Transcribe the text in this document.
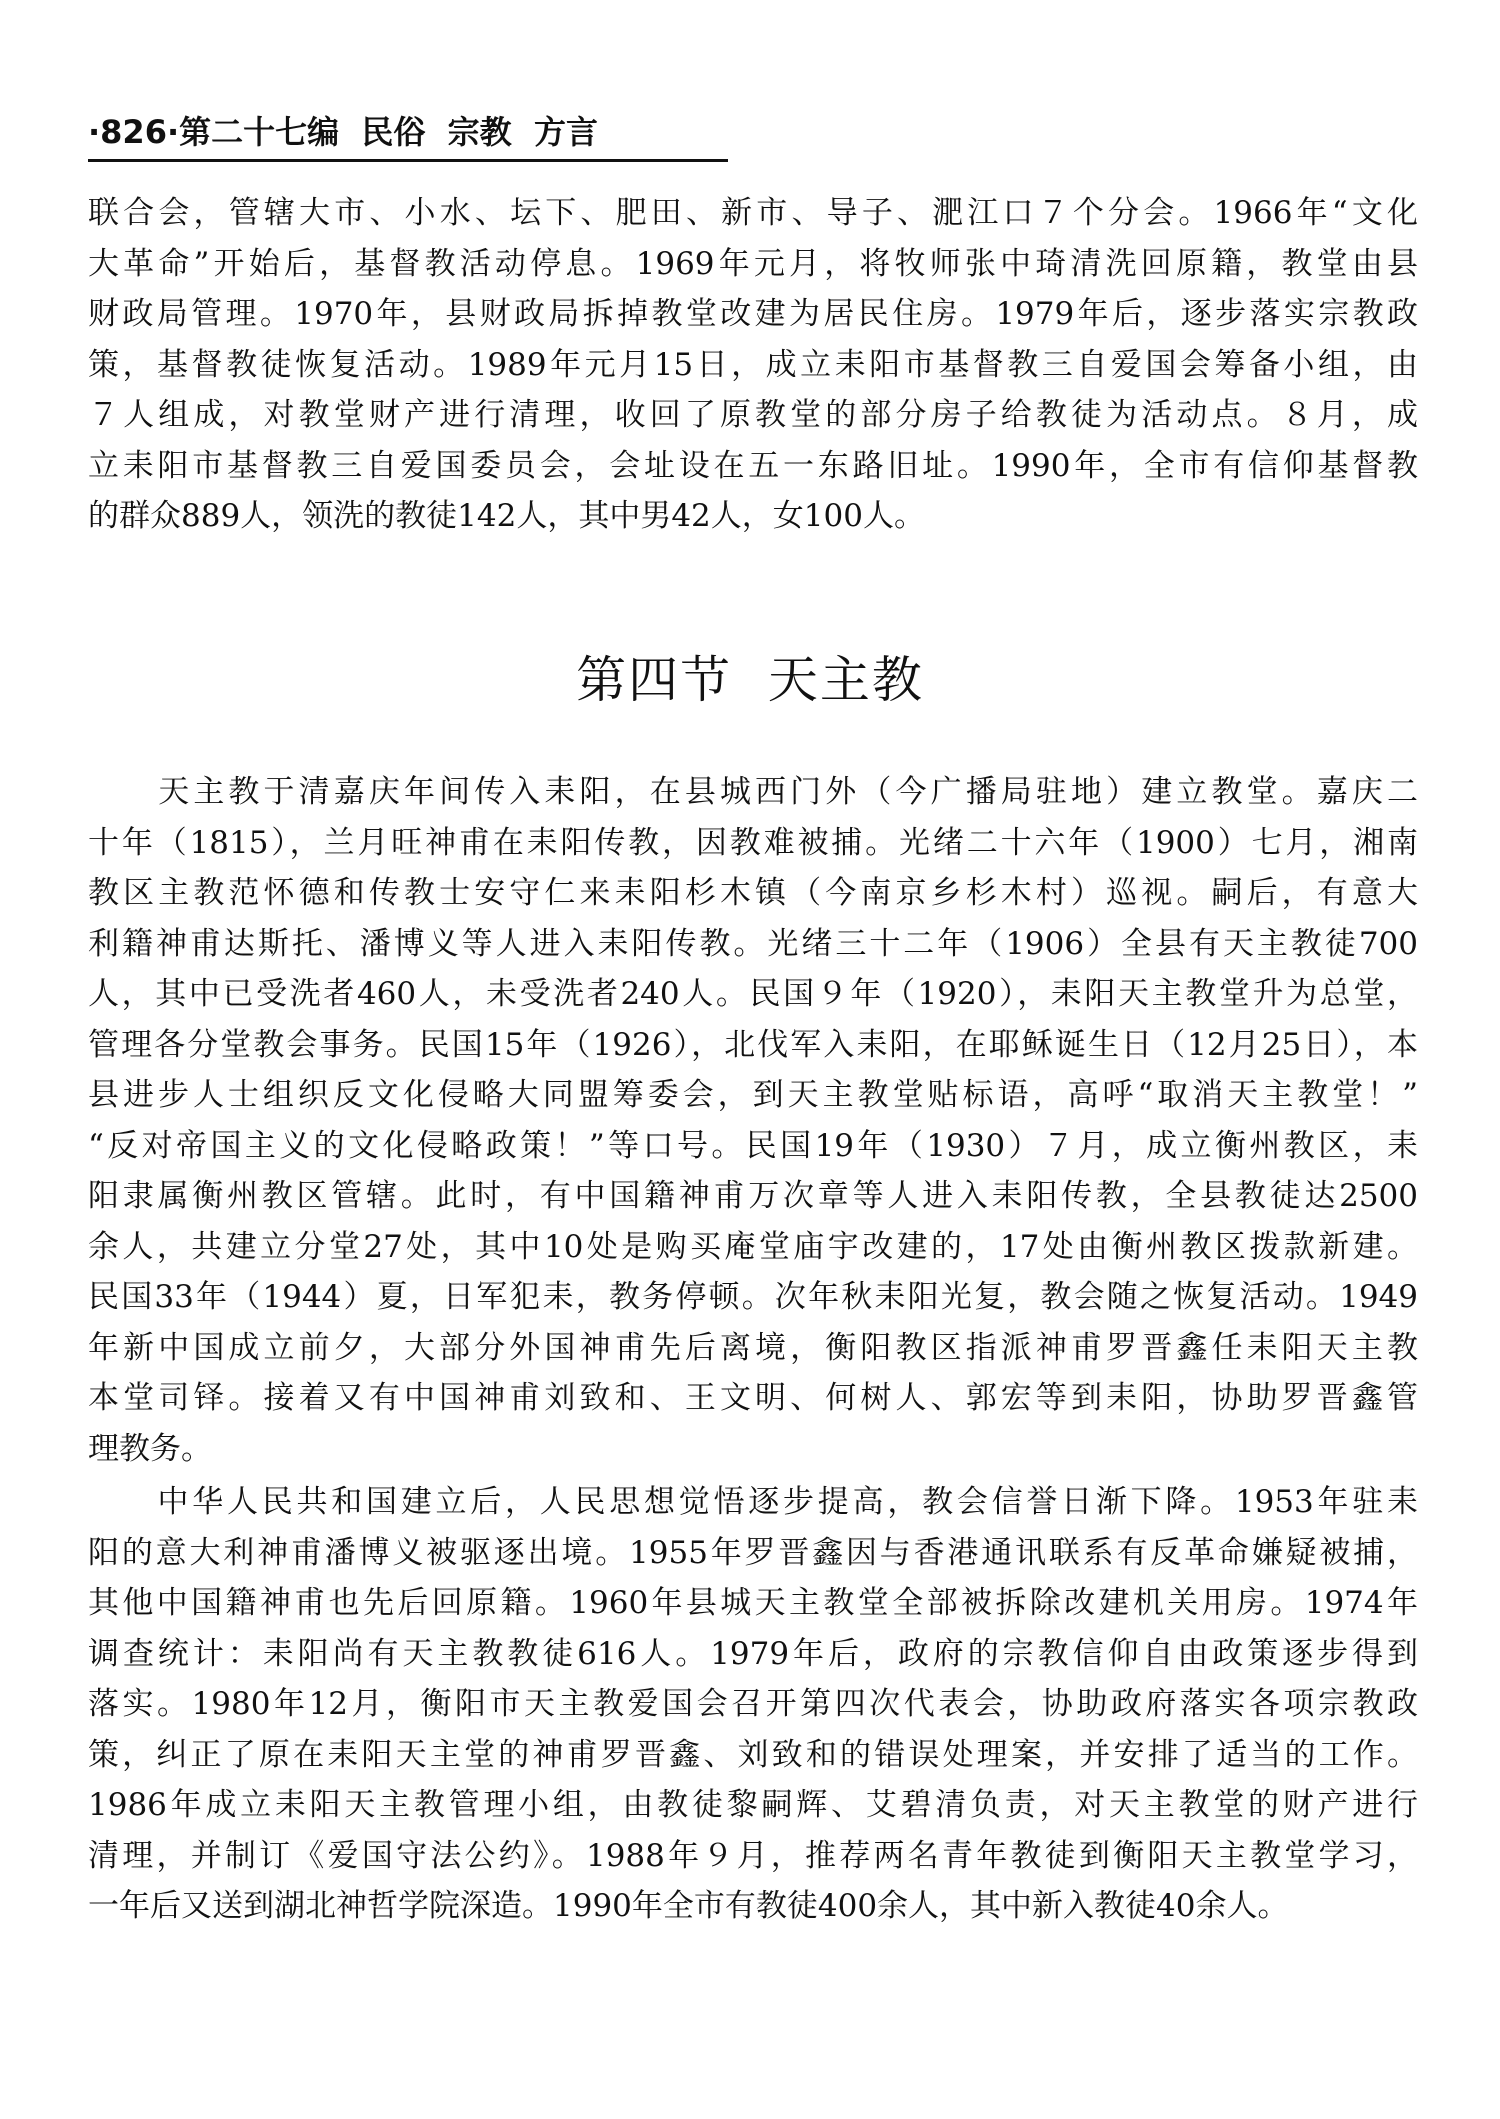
·826·第二十七编  民俗  宗教  方言
联合会，管辖大市、小水、坛下、肥田、新市、导子、淝江口７个分会。1966年“文化
大革命”开始后，基督教活动停息。1969年元月，将牧师张中琦清洗回原籍，教堂由县
财政局管理。1970年，县财政局拆掉教堂改建为居民住房。1979年后，逐步落实宗教政
策，基督教徒恢复活动。1989年元月15日，成立耒阳市基督教三自爱国会筹备小组，由
７人组成，对教堂财产进行清理，收回了原教堂的部分房子给教徒为活动点。８月，成
立耒阳市基督教三自爱国委员会，会址设在五一东路旧址。1990年，全市有信仰基督教
的群众889人，领洗的教徒142人，其中男42人，女100人。
第四节  天主教
　　天主教于清嘉庆年间传入耒阳，在县城西门外（今广播局驻地）建立教堂。嘉庆二
十年（1815），兰月旺神甫在耒阳传教，因教难被捕。光绪二十六年（1900）七月，湘南
教区主教范怀德和传教士安守仁来耒阳杉木镇（今南京乡杉木村）巡视。嗣后，有意大
利籍神甫达斯托、潘博义等人进入耒阳传教。光绪三十二年（1906）全县有天主教徒700
人，其中已受洗者460人，未受洗者240人。民国９年（1920），耒阳天主教堂升为总堂，
管理各分堂教会事务。民国15年（1926），北伐军入耒阳，在耶稣诞生日（12月25日），本
县进步人士组织反文化侵略大同盟筹委会，到天主教堂贴标语，高呼“取消天主教堂！”
“反对帝国主义的文化侵略政策！”等口号。民国19年（1930）７月，成立衡州教区，耒
阳隶属衡州教区管辖。此时，有中国籍神甫万次章等人进入耒阳传教，全县教徒达2500
余人，共建立分堂27处，其中10处是购买庵堂庙宇改建的，17处由衡州教区拨款新建。
民国33年（1944）夏，日军犯耒，教务停顿。次年秋耒阳光复，教会随之恢复活动。1949
年新中国成立前夕，大部分外国神甫先后离境，衡阳教区指派神甫罗晋鑫任耒阳天主教
本堂司铎。接着又有中国神甫刘致和、王文明、何树人、郭宏等到耒阳，协助罗晋鑫管
理教务。
　　中华人民共和国建立后，人民思想觉悟逐步提高，教会信誉日渐下降。1953年驻耒
阳的意大利神甫潘博义被驱逐出境。1955年罗晋鑫因与香港通讯联系有反革命嫌疑被捕，
其他中国籍神甫也先后回原籍。1960年县城天主教堂全部被拆除改建机关用房。1974年
调查统计：耒阳尚有天主教教徒616人。1979年后，政府的宗教信仰自由政策逐步得到
落实。1980年12月，衡阳市天主教爱国会召开第四次代表会，协助政府落实各项宗教政
策，纠正了原在耒阳天主堂的神甫罗晋鑫、刘致和的错误处理案，并安排了适当的工作。
1986年成立耒阳天主教管理小组，由教徒黎嗣辉、艾碧清负责，对天主教堂的财产进行
清理，并制订《爱国守法公约》。1988年９月，推荐两名青年教徒到衡阳天主教堂学习，
一年后又送到湖北神哲学院深造。1990年全市有教徒400余人，其中新入教徒40余人。
